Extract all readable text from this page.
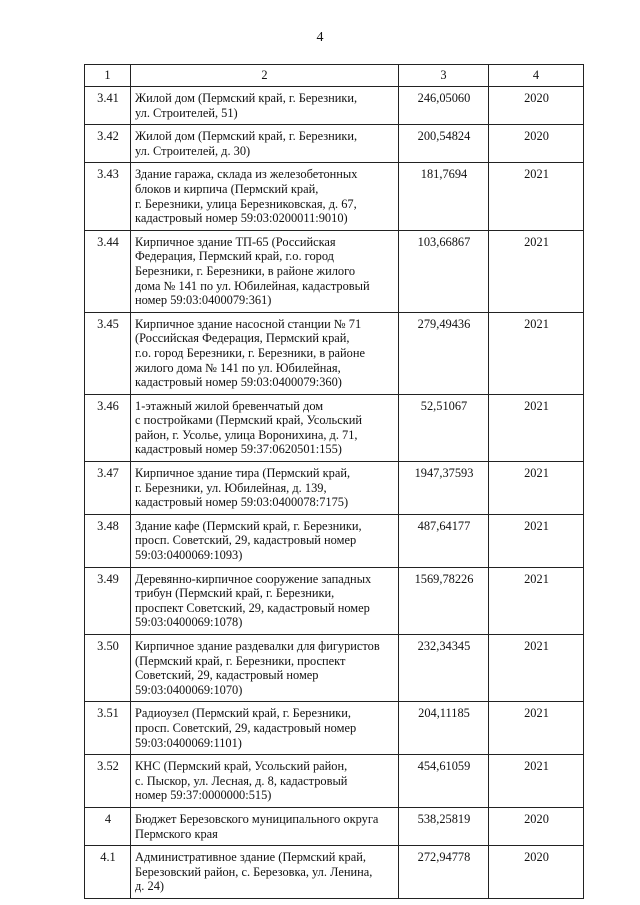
4
1	2	3	4
3.41	Жилой дом (Пермский край, г. Березники,
ул. Строителей, 51)	246,05060	2020
3.42	Жилой дом (Пермский край, г. Березники,
ул. Строителей, д. 30)	200,54824	2020
3.43	Здание гаража, склада из железобетонных
блоков и кирпича (Пермский край,
г. Березники, улица Березниковская, д. 67,
кадастровый номер 59:03:0200011:9010)	181,7694	2021
3.44	Кирпичное здание ТП-65 (Российская
Федерация, Пермский край, г.о. город
Березники, г. Березники, в районе жилого
дома № 141 по ул. Юбилейная, кадастровый
номер 59:03:0400079:361)	103,66867	2021
3.45	Кирпичное здание насосной станции № 71
(Российская Федерация, Пермский край,
г.о. город Березники, г. Березники, в районе
жилого дома № 141 по ул. Юбилейная,
кадастровый номер 59:03:0400079:360)	279,49436	2021
3.46	1-этажный жилой бревенчатый дом
с постройками (Пермский край, Усольский
район, г. Усолье, улица Воронихина, д. 71,
кадастровый номер 59:37:0620501:155)	52,51067	2021
3.47	Кирпичное здание тира (Пермский край,
г. Березники, ул. Юбилейная, д. 139,
кадастровый номер 59:03:0400078:7175)	1947,37593	2021
3.48	Здание кафе (Пермский край, г. Березники,
просп. Советский, 29, кадастровый номер
59:03:0400069:1093)	487,64177	2021
3.49	Деревянно-кирпичное сооружение западных
трибун (Пермский край, г. Березники,
проспект Советский, 29, кадастровый номер
59:03:0400069:1078)	1569,78226	2021
3.50	Кирпичное здание раздевалки для фигуристов
(Пермский край, г. Березники, проспект
Советский, 29, кадастровый номер
59:03:0400069:1070)	232,34345	2021
3.51	Радиоузел (Пермский край, г. Березники,
просп. Советский, 29, кадастровый номер
59:03:0400069:1101)	204,11185	2021
3.52	КНС (Пермский край, Усольский район,
с. Пыскор, ул. Лесная, д. 8, кадастровый
номер 59:37:0000000:515)	454,61059	2021
4	Бюджет Березовского муниципального округа
Пермского края	538,25819	2020
4.1	Административное здание (Пермский край,
Березовский район, с. Березовка, ул. Ленина,
д. 24)	272,94778	2020
